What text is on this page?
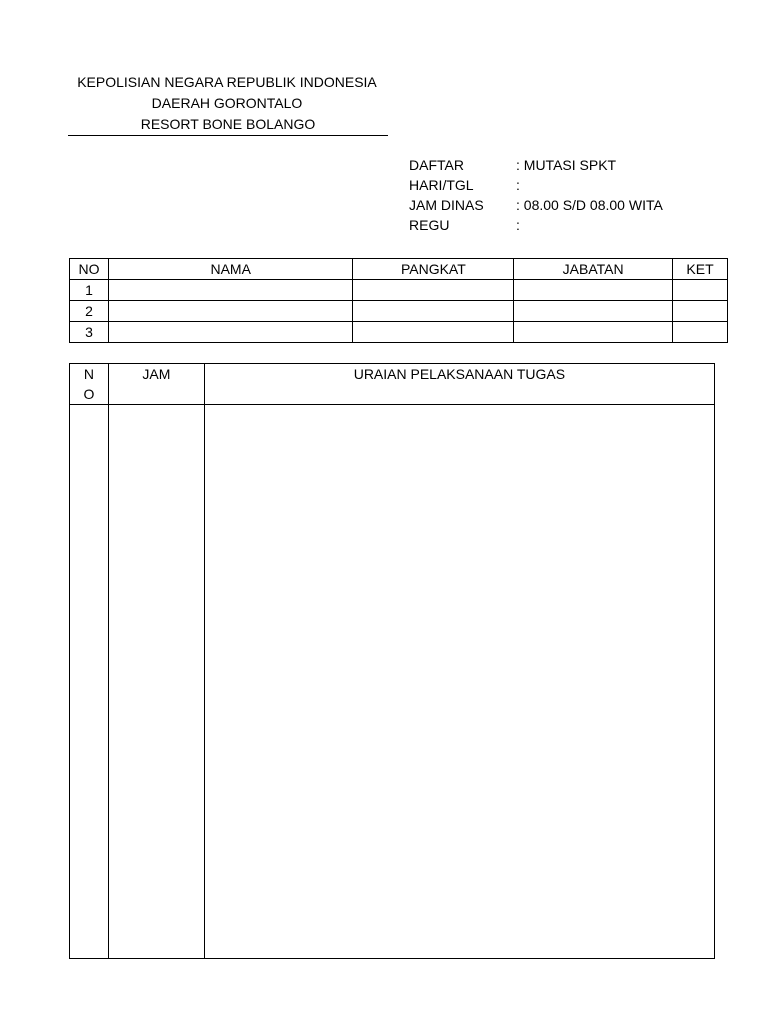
KEPOLISIAN NEGARA REPUBLIK INDONESIA
DAERAH GORONTALO
RESORT BONE BOLANGO
DAFTAR	: MUTASI SPKT
HARI/TGL	:
JAM DINAS	: 08.00 S/D 08.00 WITA
REGU	:
NO	NAMA	PANGKAT	JABATAN	KET
1				
2				
3				
N
O	JAM	URAIAN PELAKSANAAN TUGAS
